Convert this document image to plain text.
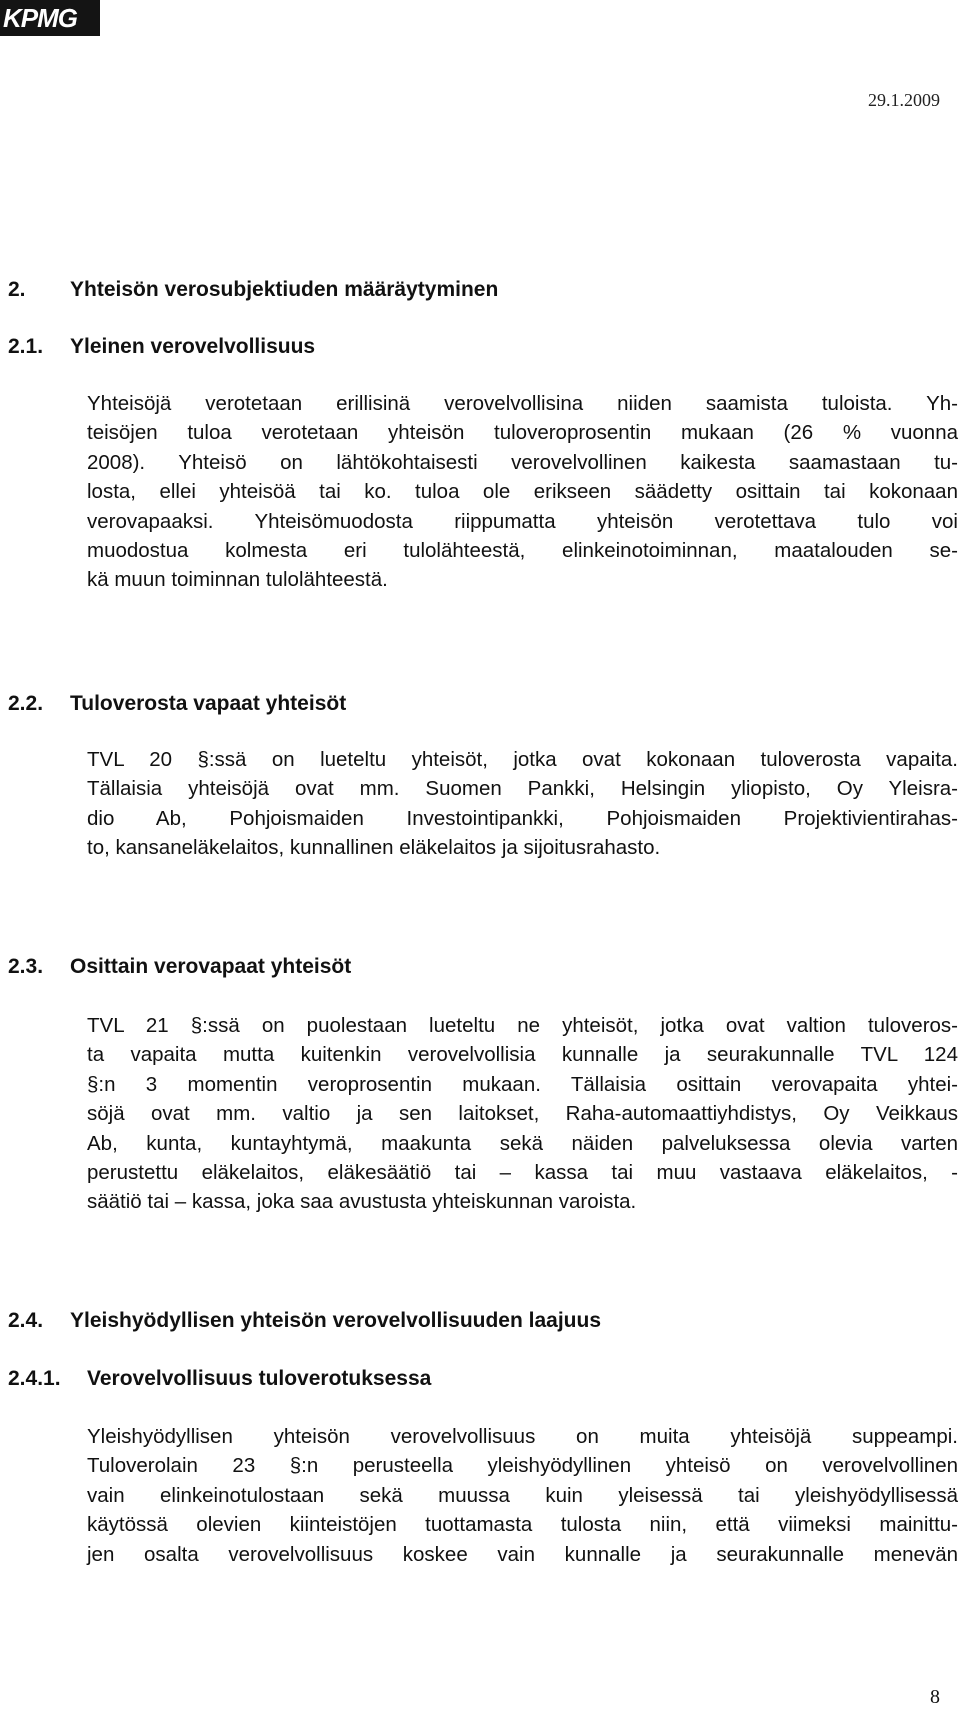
KPMG
29.1.2009
2. Yhteisön verosubjektiuden määräytyminen
2.1. Yleinen verovelvollisuus
Yhteisöjä verotetaan erillisinä verovelvollisina niiden saamista tuloista. Yh-
teisöjen tuloa verotetaan yhteisön tuloveroprosentin mukaan (26 % vuonna
2008). Yhteisö on lähtökohtaisesti verovelvollinen kaikesta saamastaan tu-
losta, ellei yhteisöä tai ko. tuloa ole erikseen säädetty osittain tai kokonaan
verovapaaksi. Yhteisömuodosta riippumatta yhteisön verotettava tulo voi
muodostua kolmesta eri tulolähteestä, elinkeinotoiminnan, maatalouden se-
kä muun toiminnan tulolähteestä.
2.2. Tuloverosta vapaat yhteisöt
TVL 20 §:ssä on lueteltu yhteisöt, jotka ovat kokonaan tuloverosta vapaita.
Tällaisia yhteisöjä ovat mm. Suomen Pankki, Helsingin yliopisto, Oy Yleisra-
dio Ab, Pohjoismaiden Investointipankki, Pohjoismaiden Projektivientirahas-
to, kansaneläkelaitos, kunnallinen eläkelaitos ja sijoitusrahasto.
2.3. Osittain verovapaat yhteisöt
TVL 21 §:ssä on puolestaan lueteltu ne yhteisöt, jotka ovat valtion tuloveros-
ta vapaita mutta kuitenkin verovelvollisia kunnalle ja seurakunnalle TVL 124
§:n 3 momentin veroprosentin mukaan. Tällaisia osittain verovapaita yhtei-
söjä ovat mm. valtio ja sen laitokset, Raha-automaattiyhdistys, Oy Veikkaus
Ab, kunta, kuntayhtymä, maakunta sekä näiden palveluksessa olevia varten
perustettu eläkelaitos, eläkesäätiö tai – kassa tai muu vastaava eläkelaitos, -
säätiö tai – kassa, joka saa avustusta yhteiskunnan varoista.
2.4. Yleishyödyllisen yhteisön verovelvollisuuden laajuus
2.4.1. Verovelvollisuus tuloverotuksessa
Yleishyödyllisen yhteisön verovelvollisuus on muita yhteisöjä suppeampi.
Tuloverolain 23 §:n perusteella yleishyödyllinen yhteisö on verovelvollinen
vain elinkeinotulostaan sekä muussa kuin yleisessä tai yleishyödyllisessä
käytössä olevien kiinteistöjen tuottamasta tulosta niin, että viimeksi mainittu-
jen osalta verovelvollisuus koskee vain kunnalle ja seurakunnalle menevän
8
